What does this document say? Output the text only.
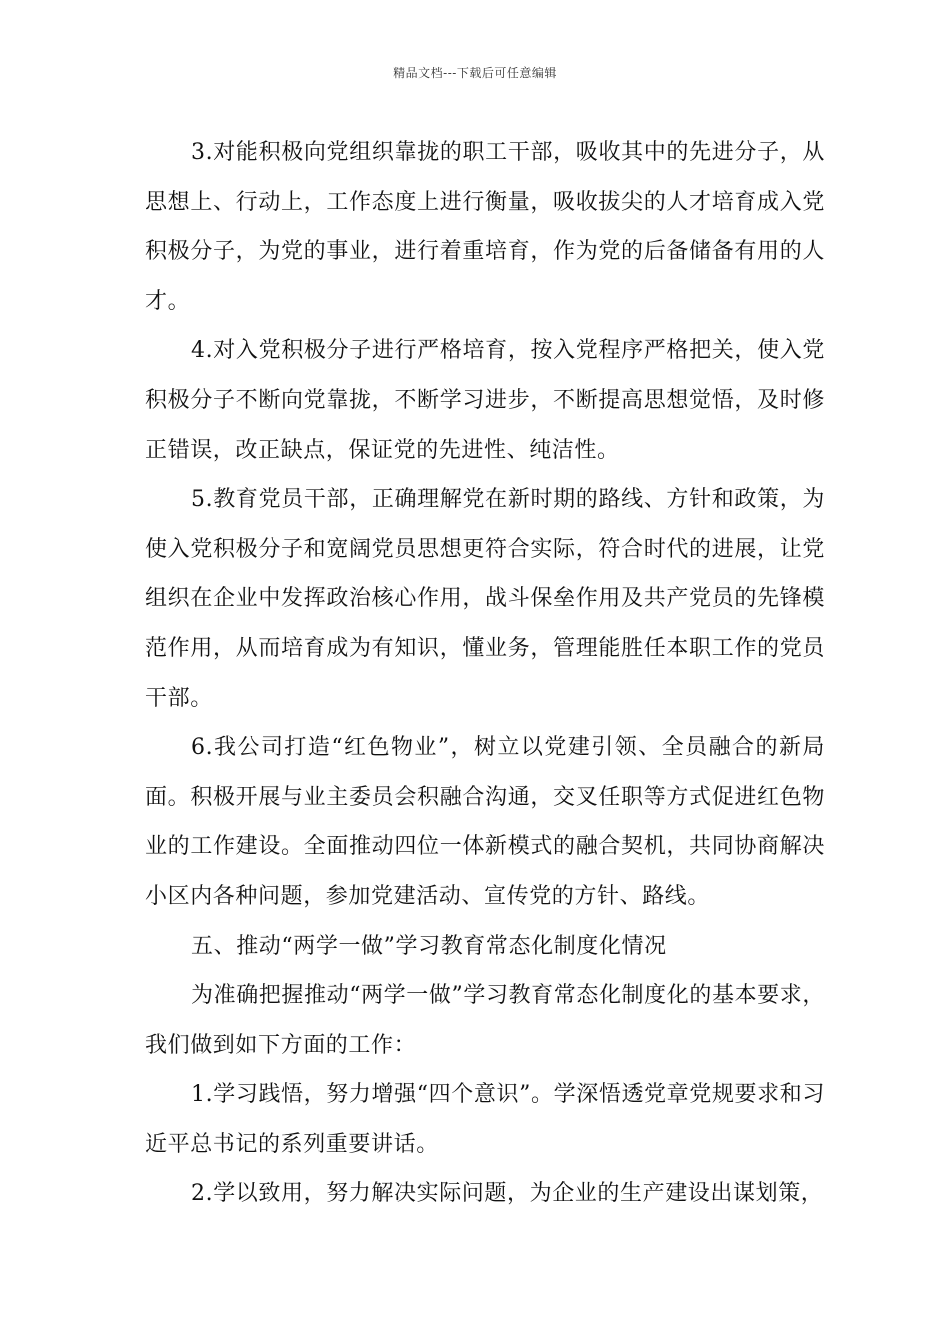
精品文档---下载后可任意编辑

3.对能积极向党组织靠拢的职工干部，吸收其中的先进分子，从思想上、行动上，工作态度上进行衡量，吸收拔尖的人才培育成入党积极分子，为党的事业，进行着重培育，作为党的后备储备有用的人才。

4.对入党积极分子进行严格培育，按入党程序严格把关，使入党积极分子不断向党靠拢，不断学习进步，不断提高思想觉悟，及时修正错误，改正缺点，保证党的先进性、纯洁性。

5.教育党员干部，正确理解党在新时期的路线、方针和政策，为使入党积极分子和宽阔党员思想更符合实际，符合时代的进展，让党组织在企业中发挥政治核心作用，战斗保垒作用及共产党员的先锋模范作用，从而培育成为有知识，懂业务，管理能胜任本职工作的党员干部。

6.我公司打造“红色物业”，树立以党建引领、全员融合的新局面。积极开展与业主委员会积融合沟通，交叉任职等方式促进红色物业的工作建设。全面推动四位一体新模式的融合契机，共同协商解决小区内各种问题，参加党建活动、宣传党的方针、路线。

五、推动“两学一做”学习教育常态化制度化情况

为准确把握推动“两学一做”学习教育常态化制度化的基本要求，我们做到如下方面的工作：

1.学习践悟，努力增强“四个意识”。学深悟透党章党规要求和习近平总书记的系列重要讲话。

2.学以致用，努力解决实际问题，为企业的生产建设出谋划策，
